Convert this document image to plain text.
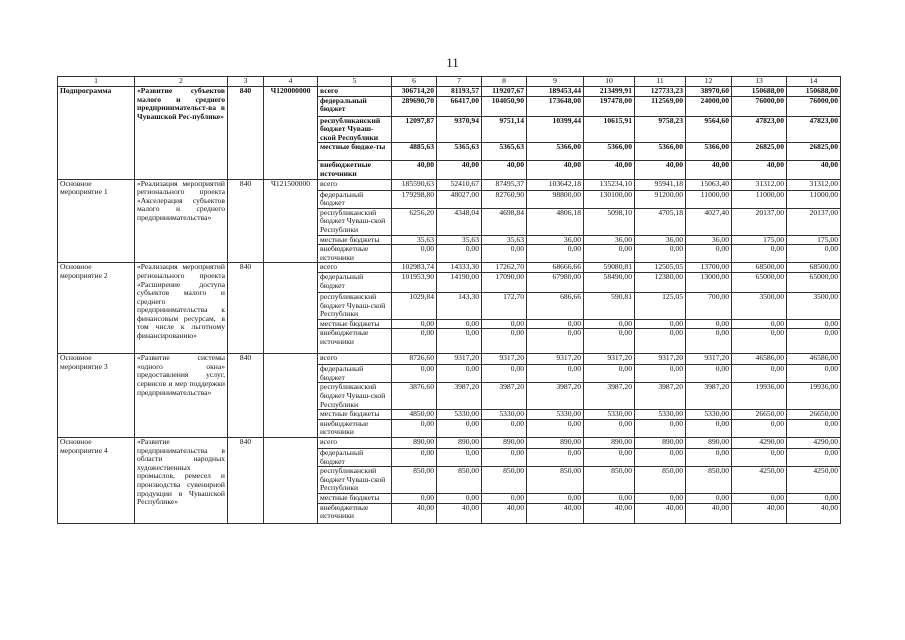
11
1	2	3	4	5	6	7	8	9	10	11	12	13	14
Подпрограмма	«Развитие субъектов малого и среднего предпринимательст-ва в Чувашской Рес-публике»	840	Ч120000000	всего	306714,20	81193,57	119207,67	189453,44	213499,91	127733,23	38970,60	150688,00	150688,00
				федеральный бюджет	289690,70	66417,00	104050,90	173648,00	197478,00	112569,00	24000,00	76000,00	76000,00
				республиканский бюджет Чуваш-ской Республики	12097,87	9370,94	9751,14	10399,44	10615,91	9758,23	9564,60	47823,00	47823,00
				местные бюдже-ты	4885,63	5365,63	5365,63	5366,00	5366,00	5366,00	5366,00	26825,00	26825,00
				внебюджетные источники	40,00	40,00	40,00	40,00	40,00	40,00	40,00	40,00	40,00
Основное мероприятие 1	«Реализация мероприятий регионального проекта «Акселерация субъектов малого и среднего предпринимательства»	840	Ч121500000	всего	185590,63	52410,67	87495,37	103642,18	135234,10	95941,18	15063,40	31312,00	31312,00
				федеральный бюджет	179298,80	48027,00	82760,90	98800,00	130100,00	91200,00	11000,00	11000,00	11000,00
				республиканский бюджет Чуваш-ской Республики	6256,20	4348,04	4698,84	4806,18	5098,10	4705,18	4027,40	20137,00	20137,00
				местные бюджеты	35,63	35,63	35,63	36,00	36,00	36,00	36,00	175,00	175,00
				внебюджетные источники	0,00	0,00	0,00	0,00	0,00	0,00	0,00	0,00	0,00
Основное мероприятие 2	«Реализация мероприятий регионального проекта «Расширение доступа субъектов малого и среднего предпринимательства к финансовым ресурсам, в том числе к льготному финансированию»	840		всего	102983,74	14333,30	17262,70	68666,66	59080,81	12505,05	13700,00	68500,00	68500,00
				федеральный бюджет	101953,90	14190,00	17090,00	67980,00	58490,00	12380,00	13000,00	65000,00	65000,00
				республиканский бюджет Чуваш-ской Республики	1029,84	143,30	172,70	686,66	590,81	125,05	700,00	3500,00	3500,00
				местные бюджеты	0,00	0,00	0,00	0,00	0,00	0,00	0,00	0,00	0,00
				внебюджетные источники	0,00	0,00	0,00	0,00	0,00	0,00	0,00	0,00	0,00
Основное мероприятие 3	«Развитие системы «одного окна» предоставления услуг, сервисов и мер поддержки предпринимательства»	840		всего	8726,60	9317,20	9317,20	9317,20	9317,20	9317,20	9317,20	46586,00	46586,00
				федеральный бюджет	0,00	0,00	0,00	0,00	0,00	0,00	0,00	0,00	0,00
				республиканский бюджет Чуваш-ской Республики	3876,60	3987,20	3987,20	3987,20	3987,20	3987,20	3987,20	19936,00	19936,00
				местные бюджеты	4850,00	5330,00	5330,00	5330,00	5330,00	5330,00	5330,00	26650,00	26650,00
				внебюджетные источники	0,00	0,00	0,00	0,00	0,00	0,00	0,00	0,00	0,00
Основное мероприятие 4	«Развитие предпринимательства в области народных художественных промыслов, ремесел и производства сувенирной продукции в Чувашской Республике»	840		всего	890,00	890,00	890,00	890,00	890,00	890,00	890,00	4290,00	4290,00
				федеральный бюджет	0,00	0,00	0,00	0,00	0,00	0,00	0,00	0,00	0,00
				республиканский бюджет Чуваш-ской Республики	850,00	850,00	850,00	850,00	850,00	850,00	850,00	4250,00	4250,00
				местные бюджеты	0,00	0,00	0,00	0,00	0,00	0,00	0,00	0,00	0,00
				внебюджетные источники	40,00	40,00	40,00	40,00	40,00	40,00	40,00	40,00	40,00
